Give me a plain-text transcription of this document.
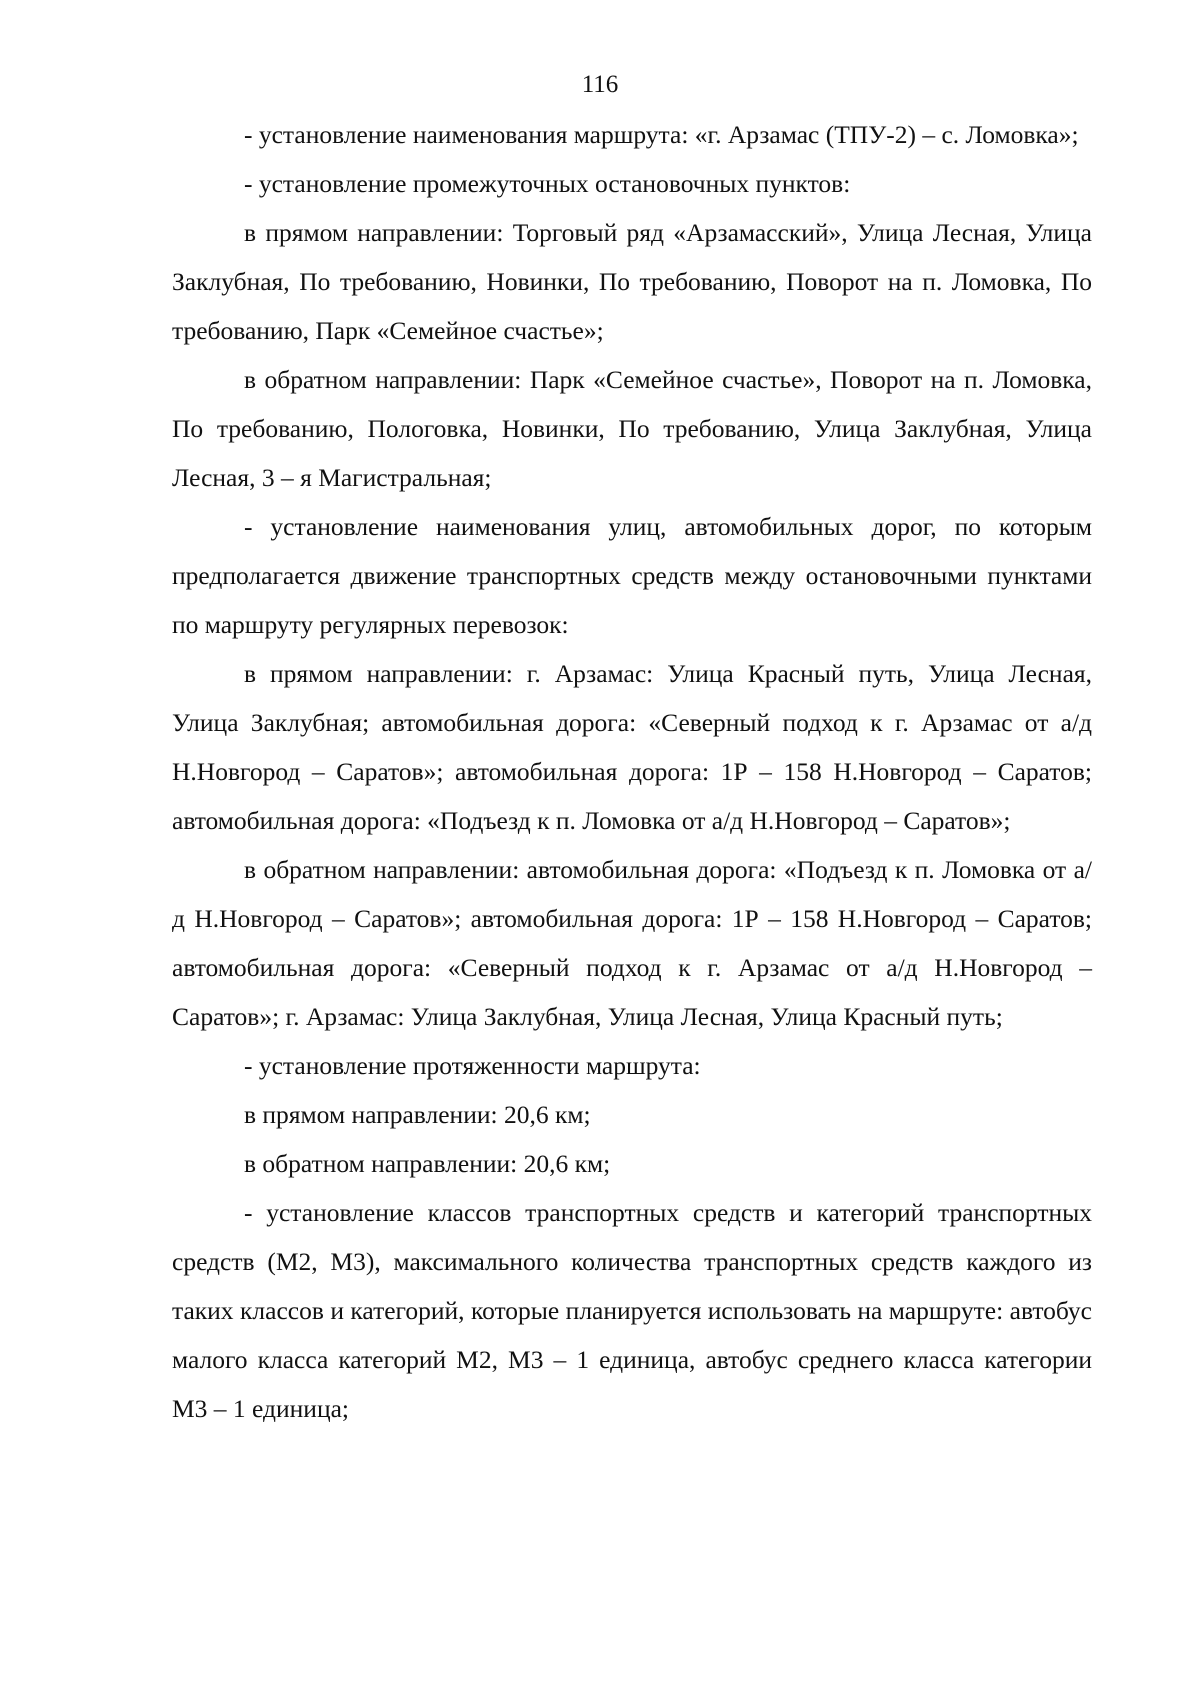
116

- установление наименования маршрута: «г. Арзамас (ТПУ-2) – с. Ломовка»;

- установление промежуточных остановочных пунктов:

в прямом направлении: Торговый ряд «Арзамасский», Улица Лесная, Улица Заклубная, По требованию, Новинки, По требованию, Поворот на п. Ломовка, По требованию, Парк «Семейное счастье»;

в обратном направлении: Парк «Семейное счастье», Поворот на п. Ломовка, По требованию, Пологовка, Новинки, По требованию, Улица Заклубная, Улица Лесная, 3 – я Магистральная;

- установление наименования улиц, автомобильных дорог, по которым предполагается движение транспортных средств между остановочными пунктами по маршруту регулярных перевозок:

в прямом направлении: г. Арзамас: Улица Красный путь, Улица Лесная, Улица Заклубная; автомобильная дорога: «Северный подход к г. Арзамас от а/д Н.Новгород – Саратов»; автомобильная дорога: 1Р – 158 Н.Новгород – Саратов; автомобильная дорога: «Подъезд к п. Ломовка от а/д Н.Новгород – Саратов»;

в обратном направлении: автомобильная дорога: «Подъезд к п. Ломовка от а/д Н.Новгород – Саратов»; автомобильная дорога: 1Р – 158 Н.Новгород – Саратов; автомобильная дорога: «Северный подход к г. Арзамас от а/д Н.Новгород – Саратов»; г. Арзамас: Улица Заклубная, Улица Лесная, Улица Красный путь;

- установление протяженности маршрута:

в прямом направлении: 20,6 км;

в обратном направлении: 20,6 км;

- установление классов транспортных средств и категорий транспортных средств (М2, М3), максимального количества транспортных средств каждого из таких классов и категорий, которые планируется использовать на маршруте: автобус малого класса категорий М2, М3 – 1 единица, автобус среднего класса категории М3 – 1 единица;
